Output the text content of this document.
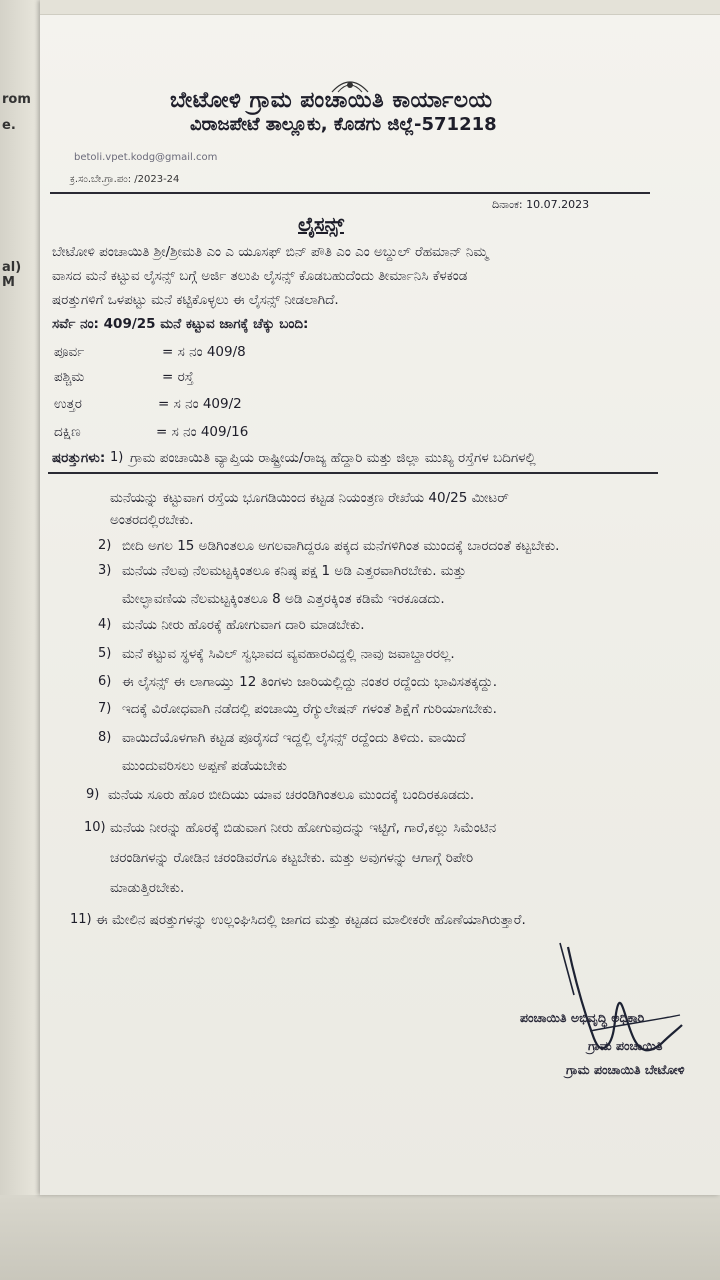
rom
e.
al)
M
ಬೇಟೋಳಿ ಗ್ರಾಮ ಪಂಚಾಯಿತಿ ಕಾರ್ಯಾಲಯ
ವಿರಾಜಪೇಟೆ ತಾಲ್ಲೂಕು, ಕೊಡಗು ಜಿಲ್ಲೆ-571218
betoli.vpet.kodg@gmail.com
ಕ್ರ.ಸಂ.ಬೇ.ಗ್ರಾ.ಪಂ: /2023-24
ದಿನಾಂಕ: 10.07.2023
ಲೈಸನ್ಸ್
ಬೇಟೋಳಿ ಪಂಚಾಯಿತಿ ಶ್ರೀ/ಶ್ರೀಮತಿ ಎಂ ಎ ಯೂಸಫ್ ಬಿನ್ ಪೌತಿ ಎಂ ಎಂ ಅಬ್ದುಲ್ ರೆಹಮಾನ್ ನಿಮ್ಮ
ವಾಸದ ಮನೆ ಕಟ್ಟುವ ಲೈಸನ್ಸ್ ಬಗ್ಗೆ ಅರ್ಜಿ ತಲುಪಿ ಲೈಸನ್ಸ್ ಕೊಡಬಹುದೆಂದು ತೀರ್ಮಾನಿಸಿ ಕೆಳಕಂಡ
ಷರತ್ತುಗಳಿಗೆ ಒಳಪಟ್ಟು ಮನೆ ಕಟ್ಟಿಕೊಳ್ಳಲು ಈ ಲೈಸನ್ಸ್ ನೀಡಲಾಗಿದೆ.
ಸರ್ವೆ ನಂ: 409/25 ಮನೆ ಕಟ್ಟುವ ಜಾಗಕ್ಕೆ ಚೆಕ್ಕು ಬಂದಿ:
ಪೂರ್ವ	= ಸ ನಂ 409/8
ಪಶ್ಚಿಮ	= ರಸ್ತೆ
ಉತ್ತರ	= ಸ ನಂ 409/2
ದಕ್ಷಿಣ	= ಸ ನಂ 409/16
ಷರತ್ತುಗಳು: 1) ಗ್ರಾಮ ಪಂಚಾಯಿತಿ ವ್ಯಾಪ್ತಿಯ ರಾಷ್ಟ್ರೀಯ/ರಾಜ್ಯ ಹೆದ್ದಾರಿ ಮತ್ತು ಜಿಲ್ಲಾ ಮುಖ್ಯ ರಸ್ತೆಗಳ ಬದಿಗಳಲ್ಲಿ
ಮನೆಯನ್ನು ಕಟ್ಟುವಾಗ ರಸ್ತೆಯ ಭೂಗಡಿಯಿಂದ ಕಟ್ಟಡ ನಿಯಂತ್ರಣ ರೇಖೆಯ 40/25 ಮೀಟರ್
ಅಂತರದಲ್ಲಿರಬೇಕು.
2) ಬೀದಿ ಅಗಲ 15 ಅಡಿಗಿಂತಲೂ ಅಗಲವಾಗಿದ್ದರೂ ಪಕ್ಕದ ಮನೆಗಳಿಗಿಂತ ಮುಂದಕ್ಕೆ ಬಾರದಂತೆ ಕಟ್ಟಬೇಕು.
3) ಮನೆಯ ನೆಲವು ನೆಲಮಟ್ಟಕ್ಕಿಂತಲೂ ಕನಿಷ್ಠ ಪಕ್ಷ 1 ಅಡಿ ಎತ್ತರವಾಗಿರಬೇಕು. ಮತ್ತು
ಮೇಲ್ಛಾವಣಿಯ ನೆಲಮಟ್ಟಕ್ಕಿಂತಲೂ 8 ಅಡಿ ಎತ್ತರಕ್ಕಿಂತ ಕಡಿಮೆ ಇರಕೂಡದು.
4) ಮನೆಯ ನೀರು ಹೊರಕ್ಕೆ ಹೋಗುವಾಗ ದಾರಿ ಮಾಡಬೇಕು.
5) ಮನೆ ಕಟ್ಟುವ ಸ್ಥಳಕ್ಕೆ ಸಿವಿಲ್ ಸ್ವಭಾವದ ವ್ಯವಹಾರವಿದ್ದಲ್ಲಿ ನಾವು ಜವಾಬ್ದಾರರಲ್ಲ.
6) ಈ ಲೈಸನ್ಸ್ ಈ ಲಾಗಾಯ್ತು 12 ತಿಂಗಳು ಜಾರಿಯಲ್ಲಿದ್ದು ನಂತರ ರದ್ದೆಂದು ಭಾವಿಸತಕ್ಕದ್ದು.
7) ಇದಕ್ಕೆ ವಿರೋಧವಾಗಿ ನಡೆದಲ್ಲಿ ಪಂಚಾಯ್ತಿ ರೆಗ್ಯುಲೇಷನ್ ಗಳಂತೆ ಶಿಕ್ಷೆಗೆ ಗುರಿಯಾಗಬೇಕು.
8) ವಾಯಿದೆಯೊಳಗಾಗಿ ಕಟ್ಟಡ ಪೂರೈಸದೆ ಇದ್ದಲ್ಲಿ ಲೈಸನ್ಸ್ ರದ್ದೆಂದು ತಿಳಿದು. ವಾಯಿದೆ
ಮುಂದುವರಿಸಲು ಅಪ್ಪಣೆ ಪಡೆಯಬೇಕು
9) ಮನೆಯ ಸೂರು ಹೊರ ಬೀದಿಯು ಯಾವ ಚರಂಡಿಗಿಂತಲೂ ಮುಂದಕ್ಕೆ ಬಂದಿರಕೂಡದು.
10) ಮನೆಯ ನೀರನ್ನು ಹೊರಕ್ಕೆ ಬಿಡುವಾಗ ನೀರು ಹೋಗುವುದನ್ನು ಇಟ್ಟಿಗೆ, ಗಾರೆ,ಕಲ್ಲು ಸಿಮೆಂಟಿನ
ಚರಂಡಿಗಳನ್ನು ರೋಡಿನ ಚರಂಡಿವರೆಗೂ ಕಟ್ಟಬೇಕು. ಮತ್ತು ಅವುಗಳನ್ನು ಆಗಾಗ್ಗೆ ರಿಪೇರಿ
ಮಾಡುತ್ತಿರಬೇಕು.
11) ಈ ಮೇಲಿನ ಷರತ್ತುಗಳನ್ನು ಉಲ್ಲಂಘಿಸಿದಲ್ಲಿ ಜಾಗದ ಮತ್ತು ಕಟ್ಟಡದ ಮಾಲೀಕರೇ ಹೊಣೆಯಾಗಿರುತ್ತಾರೆ.
ಪಂಚಾಯಿತಿ ಅಭಿವೃದ್ಧಿ ಅಧಿಕಾರಿ
ಗ್ರಾಮ ಪಂಚಾಯಿತಿ
ಗ್ರಾಮ ಪಂಚಾಯಿತಿ ಬೇಟೋಳಿ
